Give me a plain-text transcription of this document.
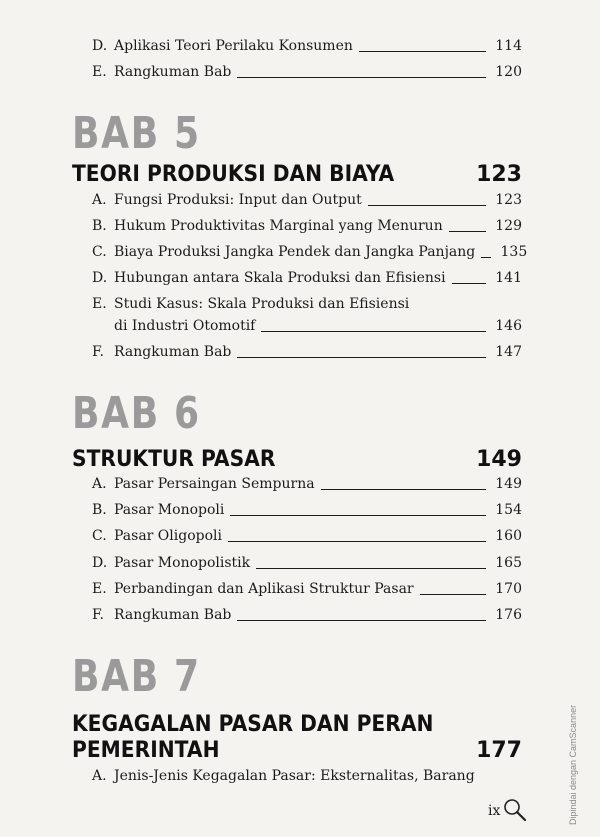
D. Aplikasi Teori Perilaku Konsumen	114
E. Rangkuman Bab	120
BAB 5
TEORI PRODUKSI DAN BIAYA	123
A. Fungsi Produksi: Input dan Output	123
B. Hukum Produktivitas Marginal yang Menurun	129
C. Biaya Produksi Jangka Pendek dan Jangka Panjang 135
D. Hubungan antara Skala Produksi dan Efisiensi	141
E. Studi Kasus: Skala Produksi dan Efisiensi
di Industri Otomotif	146
F. Rangkuman Bab	147
BAB 6
STRUKTUR PASAR	149
A. Pasar Persaingan Sempurna	149
B. Pasar Monopoli	154
C. Pasar Oligopoli	160
D. Pasar Monopolistik	165
E. Perbandingan dan Aplikasi Struktur Pasar	170
F. Rangkuman Bab	176
BAB 7
KEGAGALAN PASAR DAN PERAN
PEMERINTAH	177
A. Jenis-Jenis Kegagalan Pasar: Eksternalitas, Barang
ix	Dipindai dengan CamScanner
